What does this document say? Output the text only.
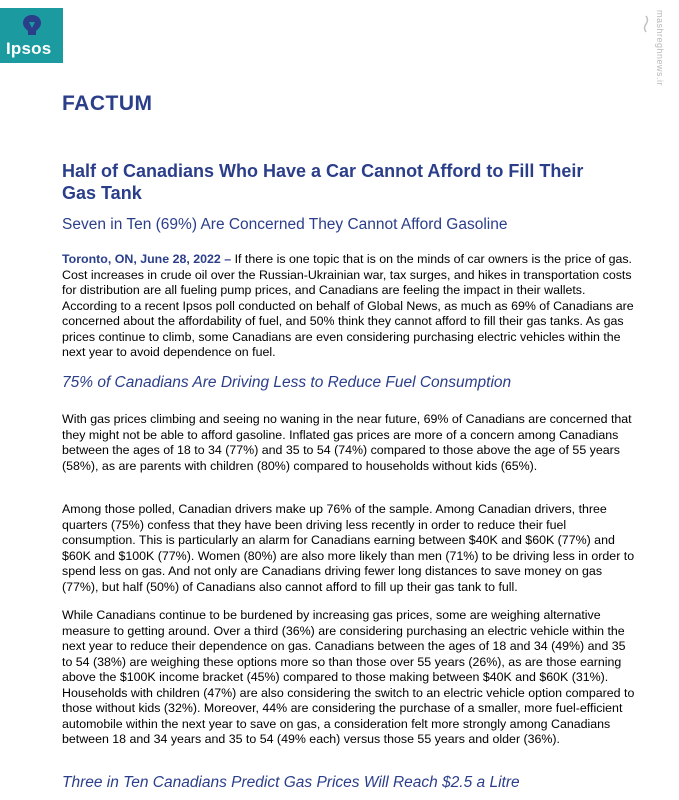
Ipsos	mashreghnews.ir
FACTUM
Half of Canadians Who Have a Car Cannot Afford to Fill Their Gas Tank
Seven in Ten (69%) Are Concerned They Cannot Afford Gasoline

Toronto, ON, June 28, 2022 – If there is one topic that is on the minds of car owners is the price of gas. Cost increases in crude oil over the Russian-Ukrainian war, tax surges, and hikes in transportation costs for distribution are all fueling pump prices, and Canadians are feeling the impact in their wallets. According to a recent Ipsos poll conducted on behalf of Global News, as much as 69% of Canadians are concerned about the affordability of fuel, and 50% think they cannot afford to fill their gas tanks. As gas prices continue to climb, some Canadians are even considering purchasing electric vehicles within the next year to avoid dependence on fuel.

75% of Canadians Are Driving Less to Reduce Fuel Consumption

With gas prices climbing and seeing no waning in the near future, 69% of Canadians are concerned that they might not be able to afford gasoline. Inflated gas prices are more of a concern among Canadians between the ages of 18 to 34 (77%) and 35 to 54 (74%) compared to those above the age of 55 years (58%), as are parents with children (80%) compared to households without kids (65%).

Among those polled, Canadian drivers make up 76% of the sample. Among Canadian drivers, three quarters (75%) confess that they have been driving less recently in order to reduce their fuel consumption. This is particularly an alarm for Canadians earning between $40K and $60K (77%) and $60K and $100K (77%). Women (80%) are also more likely than men (71%) to be driving less in order to spend less on gas. And not only are Canadians driving fewer long distances to save money on gas (77%), but half (50%) of Canadians also cannot afford to fill up their gas tank to full.

While Canadians continue to be burdened by increasing gas prices, some are weighing alternative measure to getting around. Over a third (36%) are considering purchasing an electric vehicle within the next year to reduce their dependence on gas. Canadians between the ages of 18 and 34 (49%) and 35 to 54 (38%) are weighing these options more so than those over 55 years (26%), as are those earning above the $100K income bracket (45%) compared to those making between $40K and $60K (31%). Households with children (47%) are also considering the switch to an electric vehicle option compared to those without kids (32%). Moreover, 44% are considering the purchase of a smaller, more fuel-efficient automobile within the next year to save on gas, a consideration felt more strongly among Canadians between 18 and 34 years and 35 to 54 (49% each) versus those 55 years and older (36%).

Three in Ten Canadians Predict Gas Prices Will Reach $2.5 a Litre
